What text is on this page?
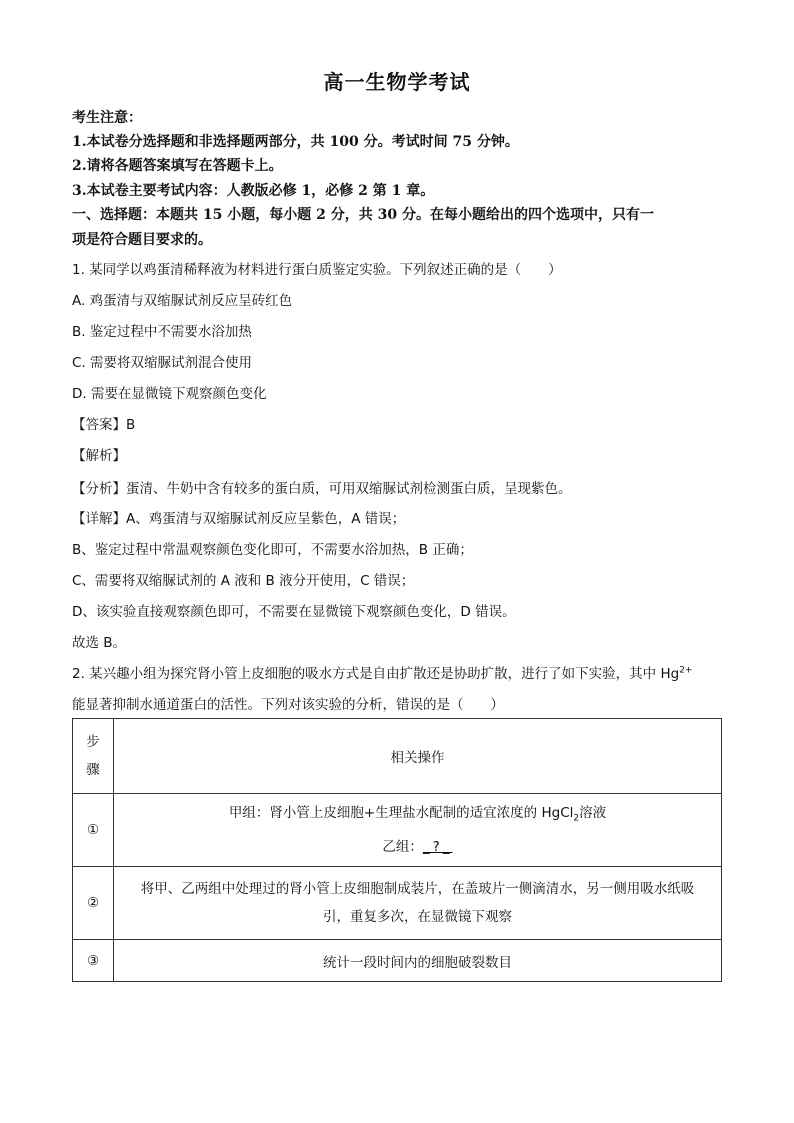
高一生物学考试
考生注意：
1.本试卷分选择题和非选择题两部分，共 100 分。考试时间 75 分钟。
2.请将各题答案填写在答题卡上。
3.本试卷主要考试内容：人教版必修 1，必修 2 第 1 章。
一、选择题：本题共 15 小题，每小题 2 分，共 30 分。在每小题给出的四个选项中，只有一
项是符合题目要求的。
1. 某同学以鸡蛋清稀释液为材料进行蛋白质鉴定实验。下列叙述正确的是（　　）
A. 鸡蛋清与双缩脲试剂反应呈砖红色
B. 鉴定过程中不需要水浴加热
C. 需要将双缩脲试剂混合使用
D. 需要在显微镜下观察颜色变化
【答案】B
【解析】
【分析】蛋清、牛奶中含有较多的蛋白质，可用双缩脲试剂检测蛋白质，呈现紫色。
【详解】A、鸡蛋清与双缩脲试剂反应呈紫色，A 错误；
B、鉴定过程中常温观察颜色变化即可，不需要水浴加热，B 正确；
C、需要将双缩脲试剂的 A 液和 B 液分开使用，C 错误；
D、该实验直接观察颜色即可，不需要在显微镜下观察颜色变化，D 错误。
故选 B。
2. 某兴趣小组为探究肾小管上皮细胞的吸水方式是自由扩散还是协助扩散，进行了如下实验，其中 $Hg^{2+}$
能显著抑制水通道蛋白的活性。下列对该实验的分析，错误的是（　　）
步
骤	相关操作
①	甲组：肾小管上皮细胞+生理盐水配制的适宜浓度的 HgCl$_2$溶液
乙组：_?_

②	将甲、乙两组中处理过的肾小管上皮细胞制成装片，在盖玻片一侧滴清水，另一侧用吸水纸吸
引，重复多次，在显微镜下观察

③	统计一段时间内的细胞破裂数目
